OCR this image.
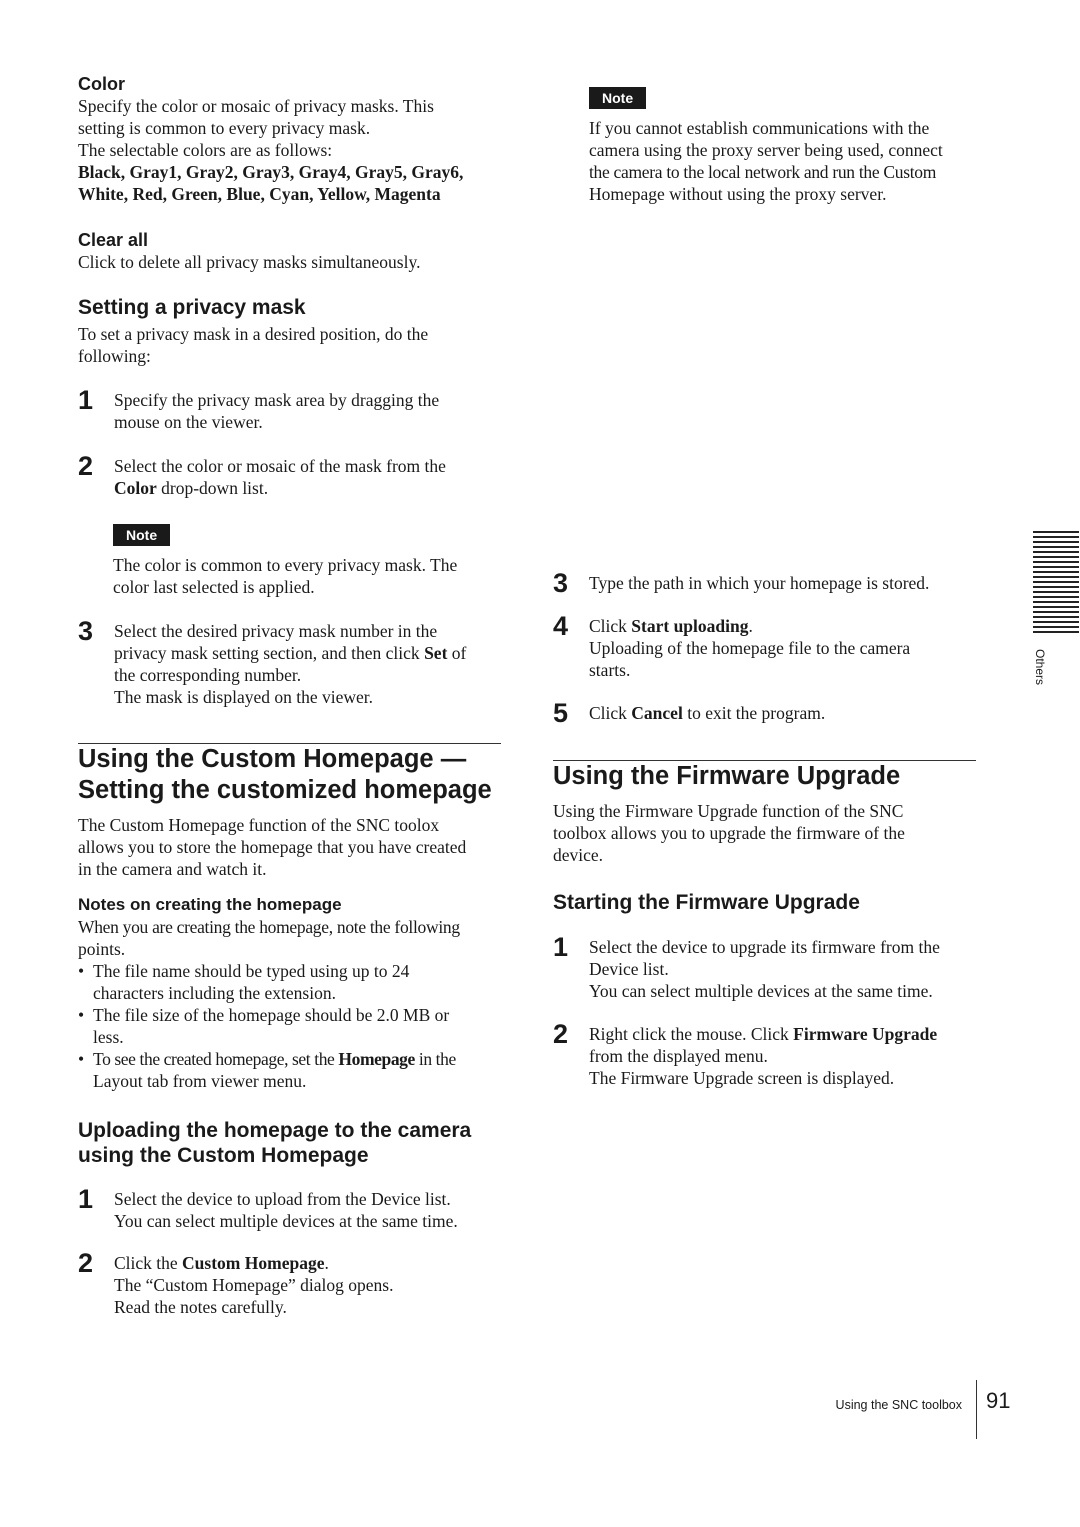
Color

Specify the color or mosaic of privacy masks. This

setting is common to every privacy mask.

The selectable colors are as follows:

Black, Gray1, Gray2, Gray3, Gray4, Gray5, Gray6,

White, Red, Green, Blue, Cyan, Yellow, Magenta

Clear all

Click to delete all privacy masks simultaneously.

Setting a privacy mask

To set a privacy mask in a desired position, do the

following:

1 Specify the privacy mask area by dragging the

mouse on the viewer.

2 Select the color or mosaic of the mask from the

Color drop-down list.

Note

The color is common to every privacy mask. The

color last selected is applied.

3 Select the desired privacy mask number in the

privacy mask setting section, and then click Set of

the corresponding number.

The mask is displayed on the viewer.

Using the Custom Homepage —

Setting the customized homepage

The Custom Homepage function of the SNC toolox

allows you to store the homepage that you have created

in the camera and watch it.

Notes on creating the homepage

When you are creating the homepage, note the following

points.

• The file name should be typed using up to 24

characters including the extension.

• The file size of the homepage should be 2.0 MB or

less.

• To see the created homepage, set the Homepage in the

Layout tab from viewer menu.

Uploading the homepage to the camera

using the Custom Homepage

1 Select the device to upload from the Device list.

You can select multiple devices at the same time.

2 Click the Custom Homepage.

The “Custom Homepage” dialog opens.

Read the notes carefully.

Note

If you cannot establish communications with the

camera using the proxy server being used, connect

the camera to the local network and run the Custom

Homepage without using the proxy server.

3 Type the path in which your homepage is stored.

4 Click Start uploading.

Uploading of the homepage file to the camera

starts.

5 Click Cancel to exit the program.

Using the Firmware Upgrade

Using the Firmware Upgrade function of the SNC

toolbox allows you to upgrade the firmware of the

device.

Starting the Firmware Upgrade

1 Select the device to upgrade its firmware from the

Device list.

You can select multiple devices at the same time.

2 Right click the mouse. Click Firmware Upgrade

from the displayed menu.

The Firmware Upgrade screen is displayed.

Others
Using the SNC toolbox 91
